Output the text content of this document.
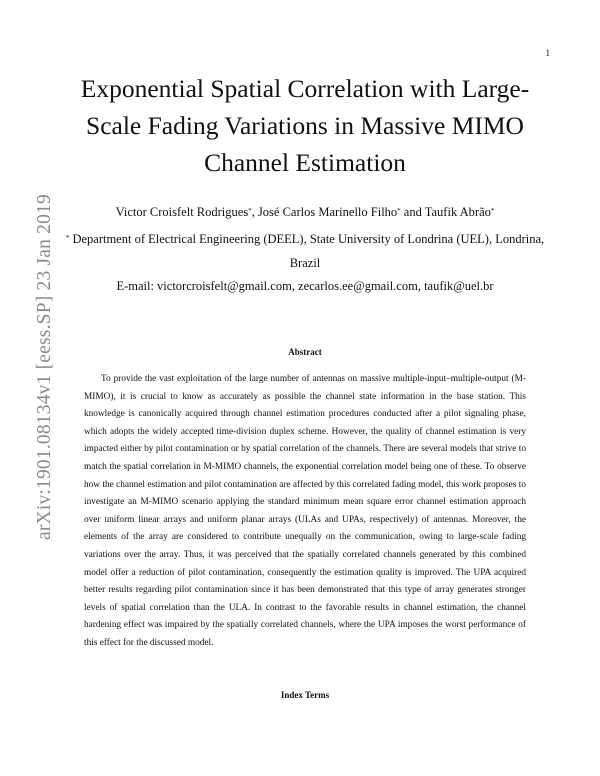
1
arXiv:1901.08134v1 [eess.SP] 23 Jan 2019
Exponential Spatial Correlation with Large-Scale Fading Variations in Massive MIMO Channel Estimation
Victor Croisfelt Rodrigues*, José Carlos Marinello Filho* and Taufik Abrão*
* Department of Electrical Engineering (DEEL), State University of Londrina (UEL), Londrina, Brazil
E-mail: victorcroisfelt@gmail.com, zecarlos.ee@gmail.com, taufik@uel.br
Abstract

To provide the vast exploitation of the large number of antennas on massive multiple-input–multiple-output (M-MIMO), it is crucial to know as accurately as possible the channel state information in the base station. This knowledge is canonically acquired through channel estimation procedures conducted after a pilot signaling phase, which adopts the widely accepted time-division duplex scheme. However, the quality of channel estimation is very impacted either by pilot contamination or by spatial correlation of the channels. There are several models that strive to match the spatial correlation in M-MIMO channels, the exponential correlation model being one of these. To observe how the channel estimation and pilot contamination are affected by this correlated fading model, this work proposes to investigate an M-MIMO scenario applying the standard minimum mean square error channel estimation approach over uniform linear arrays and uniform planar arrays (ULAs and UPAs, respectively) of antennas. Moreover, the elements of the array are considered to contribute unequally on the communication, owing to large-scale fading variations over the array. Thus, it was perceived that the spatially correlated channels generated by this combined model offer a reduction of pilot contamination, consequently the estimation quality is improved. The UPA acquired better results regarding pilot contamination since it has been demonstrated that this type of array generates stronger levels of spatial correlation than the ULA. In contrast to the favorable results in channel estimation, the channel hardening effect was impaired by the spatially correlated channels, where the UPA imposes the worst performance of this effect for the discussed model.

Index Terms
